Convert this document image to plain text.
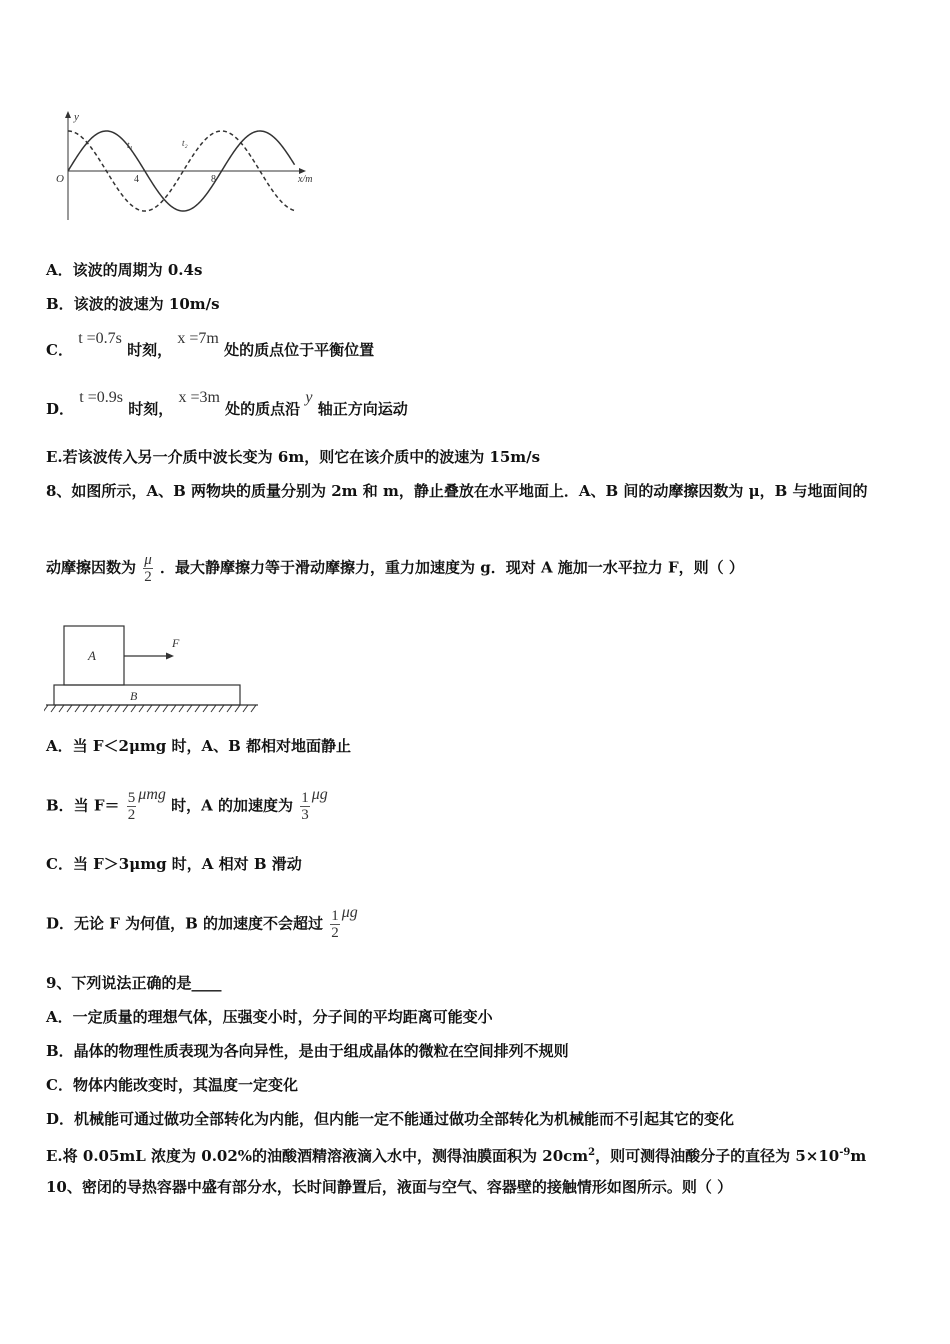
y
O	4	8	x/m
t₁	t₂
A．该波的周期为 0.4s
B．该波的波速为 10m/s
C． t =0.7s 时刻， x =7m 处的质点位于平衡位置
D． t =0.9s 时刻， x =3m 处的质点沿 y 轴正方向运动
E.若该波传入另一介质中波长变为 6m，则它在该介质中的波速为 15m/s
8、如图所示，A、B 两物块的质量分别为 2m 和 m，静止叠放在水平地面上．A、B 间的动摩擦因数为 μ，B 与地面间的
动摩擦因数为 $\frac{\mu}{2}$ ．最大静摩擦力等于滑动摩擦力，重力加速度为 g．现对 A 施加一水平拉力 F，则（ ）
A
B
F
A．当 F＜2μmg 时，A、B 都相对地面静止
B．当 $F= \frac{5}{2}$ μmg 时，A 的加速度为 $\frac{1}{3}$ μg
C．当 F＞3μmg 时，A 相对 B 滑动
D．无论 F 为何值，B 的加速度不会超过 $\frac{1}{2}$ μg
9、下列说法正确的是____
A．一定质量的理想气体，压强变小时，分子间的平均距离可能变小
B．晶体的物理性质表现为各向异性，是由于组成晶体的微粒在空间排列不规则
C．物体内能改变时，其温度一定变化
D．机械能可通过做功全部转化为内能，但内能一定不能通过做功全部转化为机械能而不引起其它的变化
E.将 0.05mL 浓度为 0.02%的油酸酒精溶液滴入水中，测得油膜面积为 $20cm^2$，则可测得油酸分子的直径为 $5\times 10^{-9}m$
10、密闭的导热容器中盛有部分水，长时间静置后，液面与空气、容器壁的接触情形如图所示。则（ ）
